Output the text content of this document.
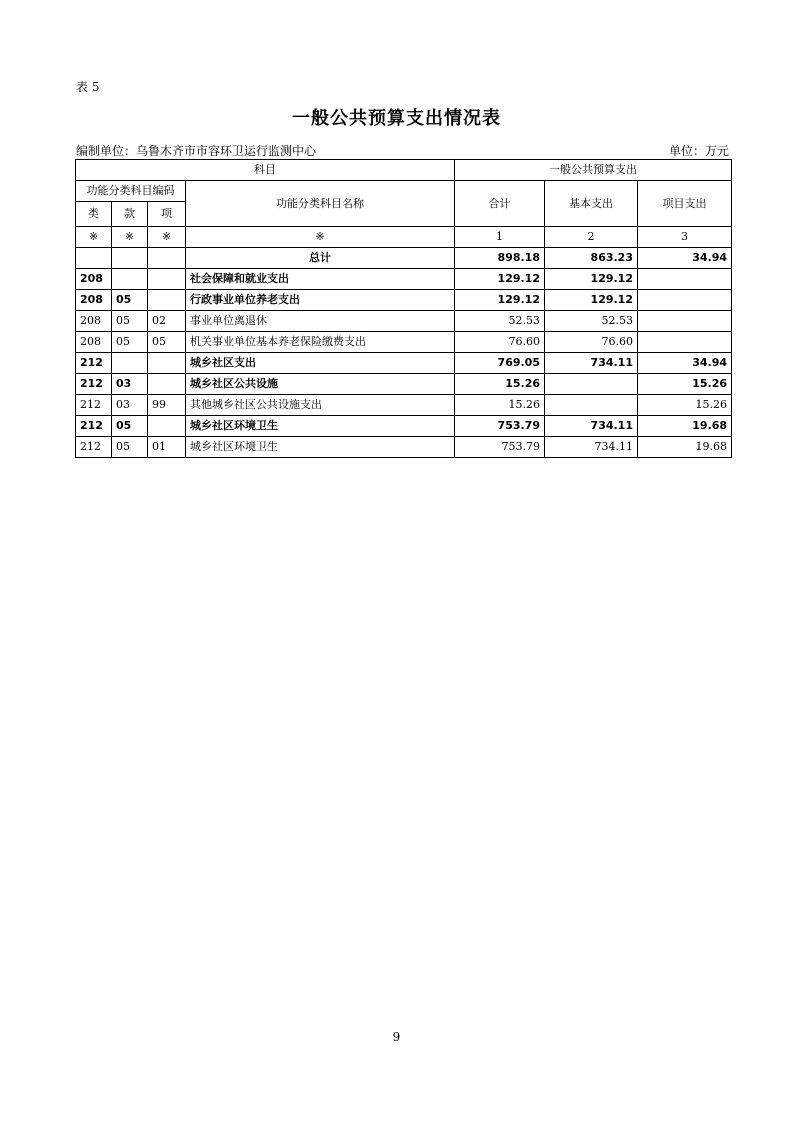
表 5
一般公共预算支出情况表
编制单位：乌鲁木齐市市容环卫运行监测中心	单位：万元
科目				一般公共预算支出		
功能分类科目编码			功能分类科目名称	合计	基本支出	项目支出
类	款	项				
※	※	※	※	1	2	3
			总计	898.18	863.23	34.94
208			社会保障和就业支出	129.12	129.12	
208	05		行政事业单位养老支出	129.12	129.12	
208	05	02	事业单位离退休	52.53	52.53	
208	05	05	机关事业单位基本养老保险缴费支出	76.60	76.60	
212			城乡社区支出	769.05	734.11	34.94
212	03		城乡社区公共设施	15.26		15.26
212	03	99	其他城乡社区公共设施支出	15.26		15.26
212	05		城乡社区环境卫生	753.79	734.11	19.68
212	05	01	城乡社区环境卫生	753.79	734.11	19.68
9
